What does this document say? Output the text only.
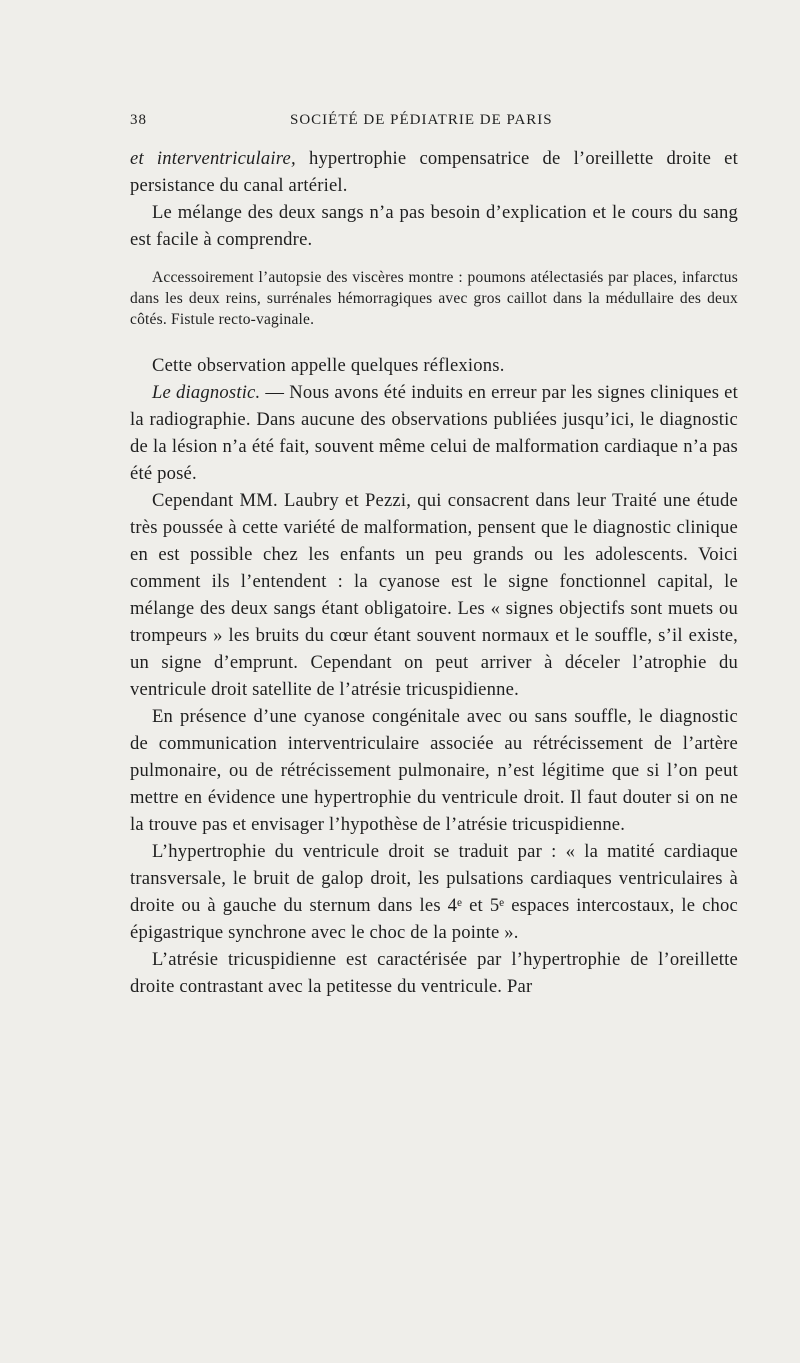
38	SOCIÉTÉ DE PÉDIATRIE DE PARIS

et interventriculaire, hypertrophie compensatrice de l’oreillette droite et persistance du canal artériel.

Le mélange des deux sangs n’a pas besoin d’explication et le cours du sang est facile à comprendre.

Accessoirement l’autopsie des viscères montre : poumons atélectasiés par places, infarctus dans les deux reins, surrénales hémorragiques avec gros caillot dans la médullaire des deux côtés. Fistule recto-vaginale.

Cette observation appelle quelques réflexions.

Le diagnostic. — Nous avons été induits en erreur par les signes cliniques et la radiographie. Dans aucune des observations publiées jusqu’ici, le diagnostic de la lésion n’a été fait, souvent même celui de malformation cardiaque n’a pas été posé.

Cependant MM. Laubry et Pezzi, qui consacrent dans leur Traité une étude très poussée à cette variété de malformation, pensent que le diagnostic clinique en est possible chez les enfants un peu grands ou les adolescents. Voici comment ils l’entendent : la cyanose est le signe fonctionnel capital, le mélange des deux sangs étant obligatoire. Les « signes objectifs sont muets ou trompeurs » les bruits du cœur étant souvent normaux et le souffle, s’il existe, un signe d’emprunt. Cependant on peut arriver à déceler l’atrophie du ventricule droit satellite de l’atrésie tricuspidienne.

En présence d’une cyanose congénitale avec ou sans souffle, le diagnostic de communication interventriculaire associée au rétrécissement de l’artère pulmonaire, ou de rétrécissement pulmonaire, n’est légitime que si l’on peut mettre en évidence une hypertrophie du ventricule droit. Il faut douter si on ne la trouve pas et envisager l’hypothèse de l’atrésie tricuspidienne.

L’hypertrophie du ventricule droit se traduit par : « la matité cardiaque transversale, le bruit de galop droit, les pulsations cardiaques ventriculaires à droite ou à gauche du sternum dans les 4ᵉ et 5ᵉ espaces intercostaux, le choc épigastrique synchrone avec le choc de la pointe ».

L’atrésie tricuspidienne est caractérisée par l’hypertrophie de l’oreillette droite contrastant avec la petitesse du ventricule. Par
